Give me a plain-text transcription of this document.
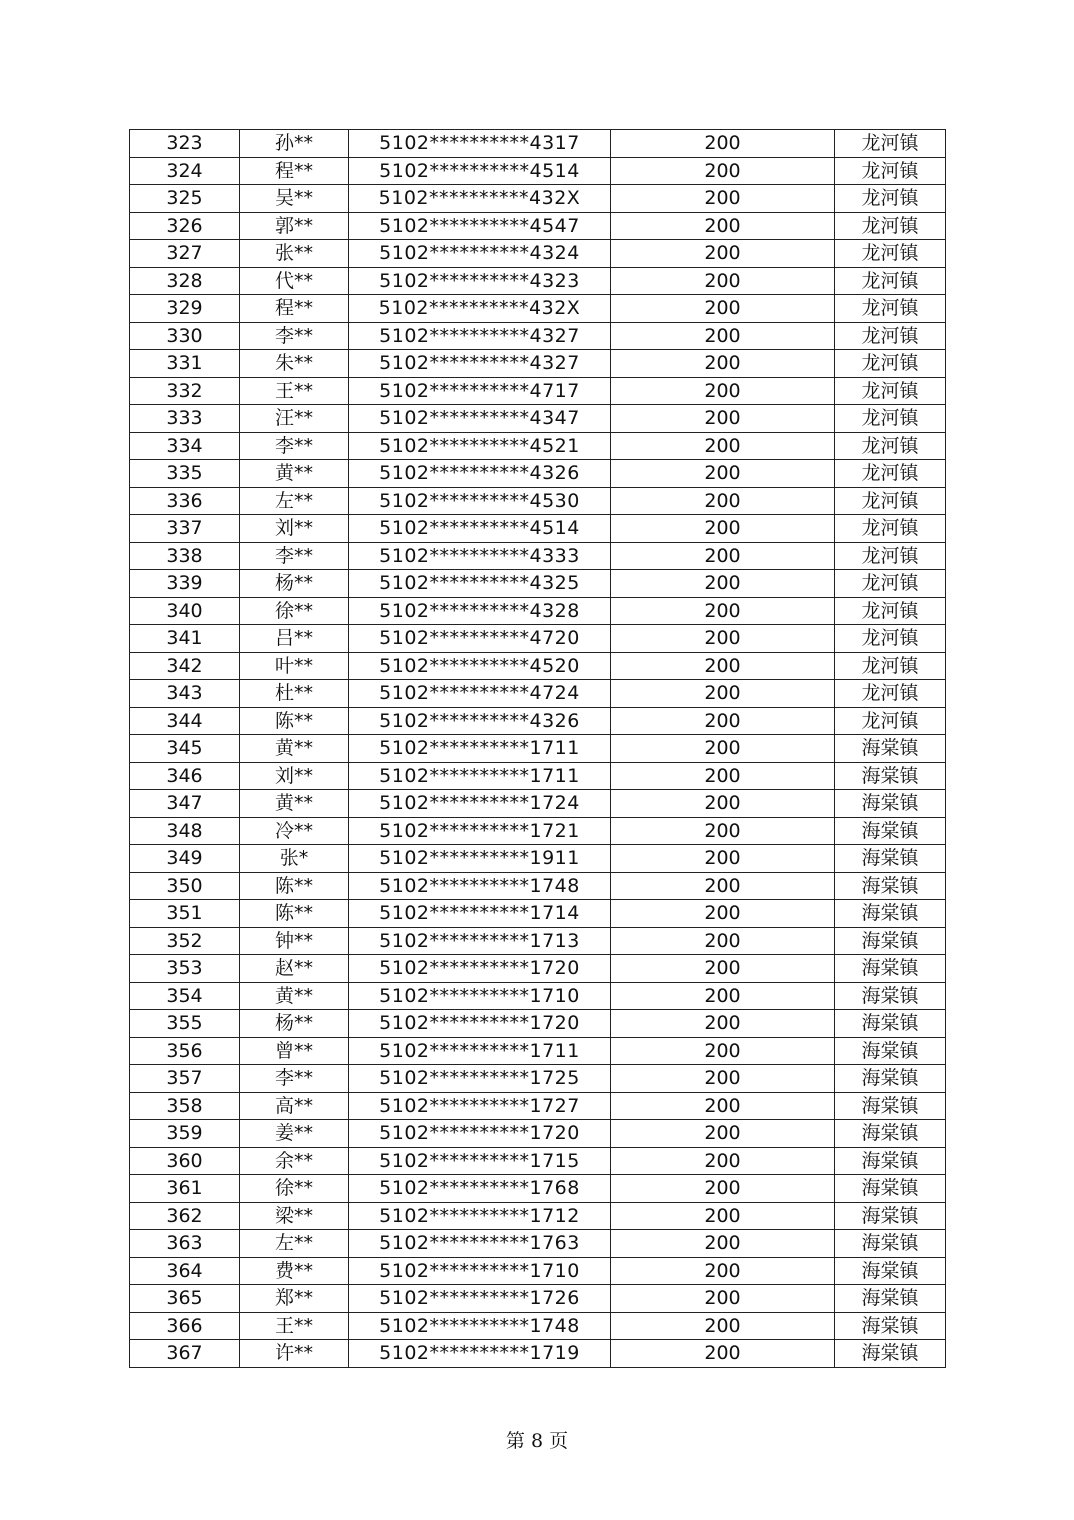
323	孙**	5102**********4317	200	龙河镇
324	程**	5102**********4514	200	龙河镇
325	吴**	5102**********432X	200	龙河镇
326	郭**	5102**********4547	200	龙河镇
327	张**	5102**********4324	200	龙河镇
328	代**	5102**********4323	200	龙河镇
329	程**	5102**********432X	200	龙河镇
330	李**	5102**********4327	200	龙河镇
331	朱**	5102**********4327	200	龙河镇
332	王**	5102**********4717	200	龙河镇
333	汪**	5102**********4347	200	龙河镇
334	李**	5102**********4521	200	龙河镇
335	黄**	5102**********4326	200	龙河镇
336	左**	5102**********4530	200	龙河镇
337	刘**	5102**********4514	200	龙河镇
338	李**	5102**********4333	200	龙河镇
339	杨**	5102**********4325	200	龙河镇
340	徐**	5102**********4328	200	龙河镇
341	吕**	5102**********4720	200	龙河镇
342	叶**	5102**********4520	200	龙河镇
343	杜**	5102**********4724	200	龙河镇
344	陈**	5102**********4326	200	龙河镇
345	黄**	5102**********1711	200	海棠镇
346	刘**	5102**********1711	200	海棠镇
347	黄**	5102**********1724	200	海棠镇
348	冷**	5102**********1721	200	海棠镇
349	张*	5102**********1911	200	海棠镇
350	陈**	5102**********1748	200	海棠镇
351	陈**	5102**********1714	200	海棠镇
352	钟**	5102**********1713	200	海棠镇
353	赵**	5102**********1720	200	海棠镇
354	黄**	5102**********1710	200	海棠镇
355	杨**	5102**********1720	200	海棠镇
356	曾**	5102**********1711	200	海棠镇
357	李**	5102**********1725	200	海棠镇
358	高**	5102**********1727	200	海棠镇
359	姜**	5102**********1720	200	海棠镇
360	余**	5102**********1715	200	海棠镇
361	徐**	5102**********1768	200	海棠镇
362	梁**	5102**********1712	200	海棠镇
363	左**	5102**********1763	200	海棠镇
364	费**	5102**********1710	200	海棠镇
365	郑**	5102**********1726	200	海棠镇
366	王**	5102**********1748	200	海棠镇
367	许**	5102**********1719	200	海棠镇
第 8 页
